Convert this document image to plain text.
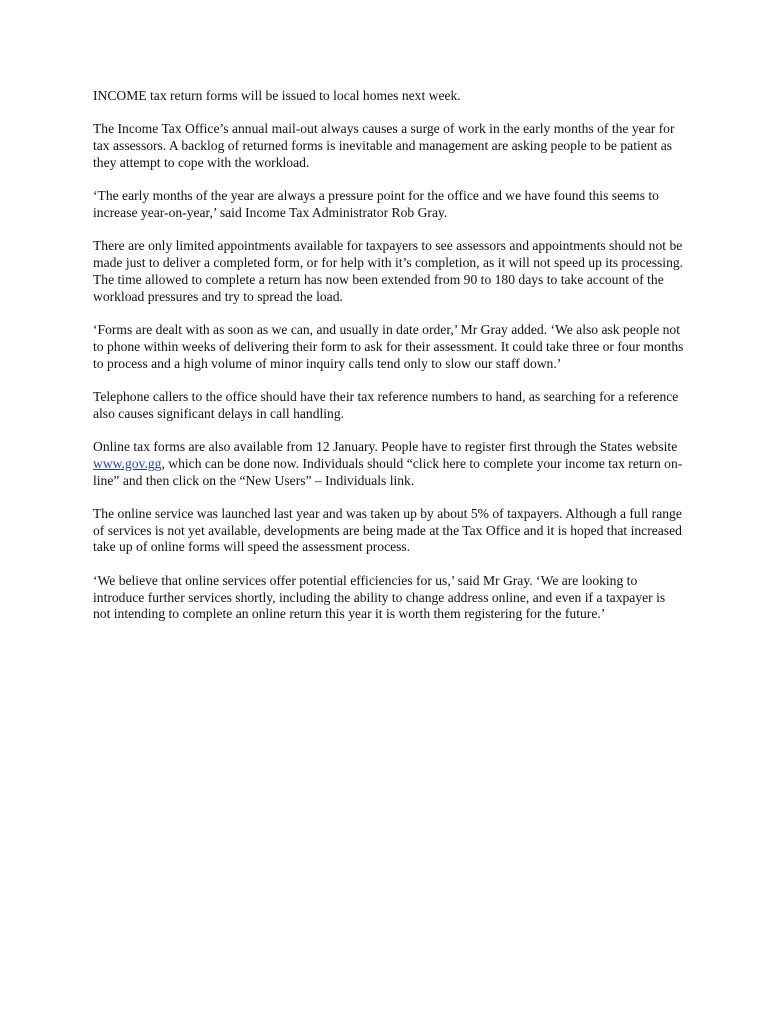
INCOME tax return forms will be issued to local homes next week.

The Income Tax Office’s annual mail-out always causes a surge of work in the early months of the year for tax assessors. A backlog of returned forms is inevitable and management are asking people to be patient as they attempt to cope with the workload.

‘The early months of the year are always a pressure point for the office and we have found this seems to increase year-on-year,’ said Income Tax Administrator Rob Gray.

There are only limited appointments available for taxpayers to see assessors and appointments should not be made just to deliver a completed form, or for help with it’s completion, as it will not speed up its processing. The time allowed to complete a return has now been extended from 90 to 180 days to take account of the workload pressures and try to spread the load.

‘Forms are dealt with as soon as we can, and usually in date order,’ Mr Gray added. ‘We also ask people not to phone within weeks of delivering their form to ask for their assessment. It could take three or four months to process and a high volume of minor inquiry calls tend only to slow our staff down.’

Telephone callers to the office should have their tax reference numbers to hand, as searching for a reference also causes significant delays in call handling.

Online tax forms are also available from 12 January. People have to register first through the States website www.gov.gg, which can be done now. Individuals should “click here to complete your income tax return on-line” and then click on the “New Users” – Individuals link.

The online service was launched last year and was taken up by about 5% of taxpayers. Although a full range of services is not yet available, developments are being made at the Tax Office and it is hoped that increased take up of online forms will speed the assessment process.

‘We believe that online services offer potential efficiencies for us,’ said Mr Gray. ‘We are looking to introduce further services shortly, including the ability to change address online, and even if a taxpayer is not intending to complete an online return this year it is worth them registering for the future.’
